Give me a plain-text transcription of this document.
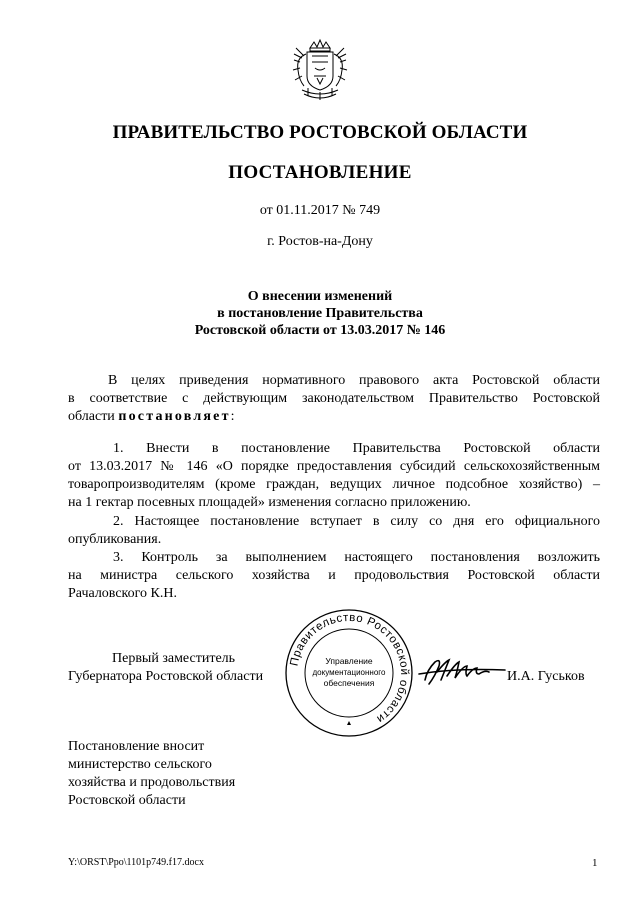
ПРАВИТЕЛЬСТВО РОСТОВСКОЙ ОБЛАСТИ
ПОСТАНОВЛЕНИЕ
от 01.11.2017 № 749
г. Ростов-на-Дону
О внесении изменений
в постановление Правительства
Ростовской области от 13.03.2017 № 146
В целях приведения нормативного правового акта Ростовской области
в соответствие с действующим законодательством Правительство Ростовской
области постановляет:
1. Внести в постановление Правительства Ростовской области
от 13.03.2017 № 146 «О порядке предоставления субсидий сельскохозяйственным
товаропроизводителям (кроме граждан, ведущих личное подсобное хозяйство) –
на 1 гектар посевных площадей» изменения согласно приложению.
2. Настоящее постановление вступает в силу со дня его официального
опубликования.
3. Контроль за выполнением настоящего постановления возложить
на министра сельского хозяйства и продовольствия Ростовской области
Рачаловского К.Н.
Первый заместитель
Губернатора Ростовской области
Правительство Ростовской области
Управление
документационного
обеспечения	И.А. Гуськов
Постановление вносит
министерство сельского
хозяйства и продовольствия
Ростовской области
Y:\ORST\Ppo\1101p749.f17.docx	1
